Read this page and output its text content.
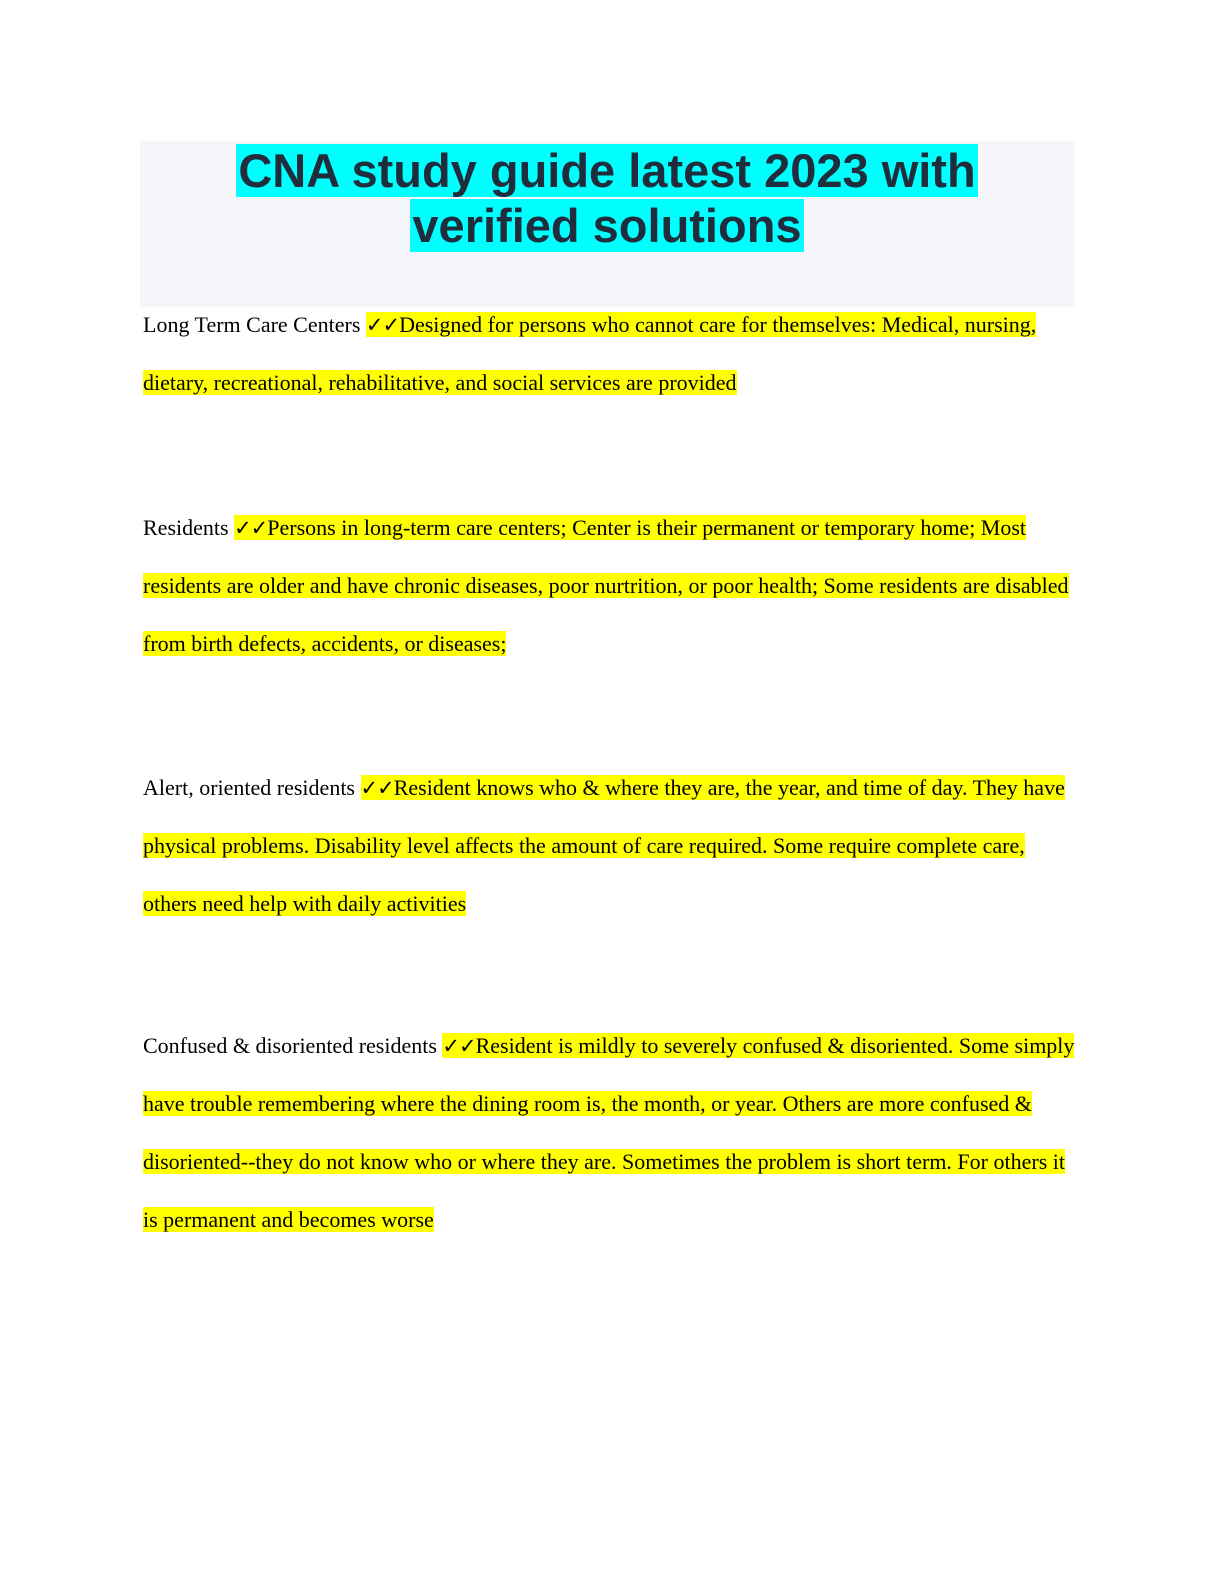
CNA study guide latest 2023 with
verified solutions

Long Term Care Centers ✓✓Designed for persons who cannot care for themselves: Medical, nursing, dietary, recreational, rehabilitative, and social services are provided

Residents ✓✓Persons in long-term care centers; Center is their permanent or temporary home; Most residents are older and have chronic diseases, poor nurtrition, or poor health; Some residents are disabled from birth defects, accidents, or diseases;

Alert, oriented residents ✓✓Resident knows who & where they are, the year, and time of day. They have physical problems. Disability level affects the amount of care required. Some require complete care, others need help with daily activities

Confused & disoriented residents ✓✓Resident is mildly to severely confused & disoriented. Some simply have trouble remembering where the dining room is, the month, or year. Others are more confused & disoriented--they do not know who or where they are. Sometimes the problem is short term. For others it is permanent and becomes worse
